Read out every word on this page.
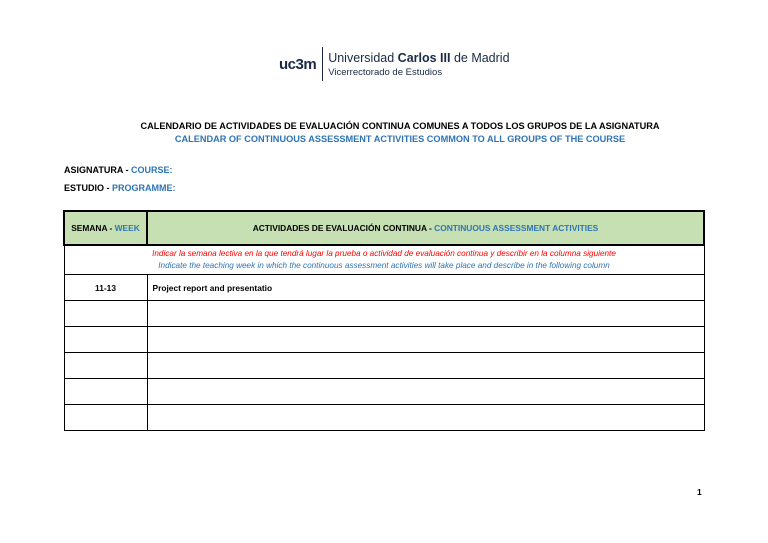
uc3m Universidad Carlos III de Madrid
Vicerrectorado de Estudios
CALENDARIO DE ACTIVIDADES DE EVALUACIÓN CONTINUA COMUNES A TODOS LOS GRUPOS DE LA ASIGNATURA
CALENDAR OF CONTINUOUS ASSESSMENT ACTIVITIES COMMON TO ALL GROUPS OF THE COURSE
ASIGNATURA - COURSE:
ESTUDIO - PROGRAMME:
SEMANA - WEEK	ACTIVIDADES DE EVALUACIÓN CONTINUA - CONTINUOUS ASSESSMENT ACTIVITIES

Indicar la semana lectiva en la que tendrá lugar la prueba o actividad de evaluación continua y describir en la columna siguiente
Indicate the teaching week in which the continuous assessment activities will take place and describe in the following column	

11-13	Project report and presentatio

1
